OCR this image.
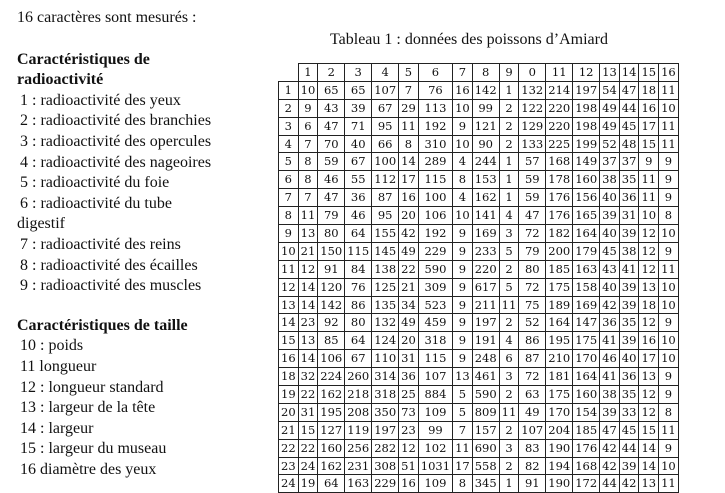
16 caractères sont mesurés :

Caractéristiques de

radioactivité

1 : radioactivité des yeux

2 : radioactivité des branchies

3 : radioactivité des opercules

4 : radioactivité des nageoires

5 : radioactivité du foie

6 : radioactivité du tube

digestif

7 : radioactivité des reins

8 : radioactivité des écailles

9 : radioactivité des muscles

Caractéristiques de taille

10 : poids

11 longueur

12 : longueur standard

13 : largeur de la tête

14 : largeur

15 : largeur du museau

16 diamètre des yeux

Tableau 1 : données des poissons d’Amiard
	1	2	3	4	5	6	7	8	9	0	11	12	13	14	15	16
1	10	65	65	107	7	76	16	142	1	132	214	197	54	47	18	11
2	9	43	39	67	29	113	10	99	2	122	220	198	49	44	16	10
3	6	47	71	95	11	192	9	121	2	129	220	198	49	45	17	11
4	7	70	40	66	8	310	10	90	2	133	225	199	52	48	15	11
5	8	59	67	100	14	289	4	244	1	57	168	149	37	37	9	9
6	8	46	55	112	17	115	8	153	1	59	178	160	38	35	11	9
7	7	47	36	87	16	100	4	162	1	59	176	156	40	36	11	9
8	11	79	46	95	20	106	10	141	4	47	176	165	39	31	10	8
9	13	80	64	155	42	192	9	169	3	72	182	164	40	39	12	10
10	21	150	115	145	49	229	9	233	5	79	200	179	45	38	12	9
11	12	91	84	138	22	590	9	220	2	80	185	163	43	41	12	11
12	14	120	76	125	21	309	9	617	5	72	175	158	40	39	13	10
13	14	142	86	135	34	523	9	211	11	75	189	169	42	39	18	10
14	23	92	80	132	49	459	9	197	2	52	164	147	36	35	12	9
15	13	85	64	124	20	318	9	191	4	86	195	175	41	39	16	10
16	14	106	67	110	31	115	9	248	6	87	210	170	46	40	17	10
18	32	224	260	314	36	107	13	461	3	72	181	164	41	36	13	9
19	22	162	218	318	25	884	5	590	2	63	175	160	38	35	12	9
20	31	195	208	350	73	109	5	809	11	49	170	154	39	33	12	8
21	15	127	119	197	23	99	7	157	2	107	204	185	47	45	15	11
22	22	160	256	282	12	102	11	690	3	83	190	176	42	44	14	9
23	24	162	231	308	51	1031	17	558	2	82	194	168	42	39	14	10
24	19	64	163	229	16	109	8	345	1	91	190	172	44	42	13	11
